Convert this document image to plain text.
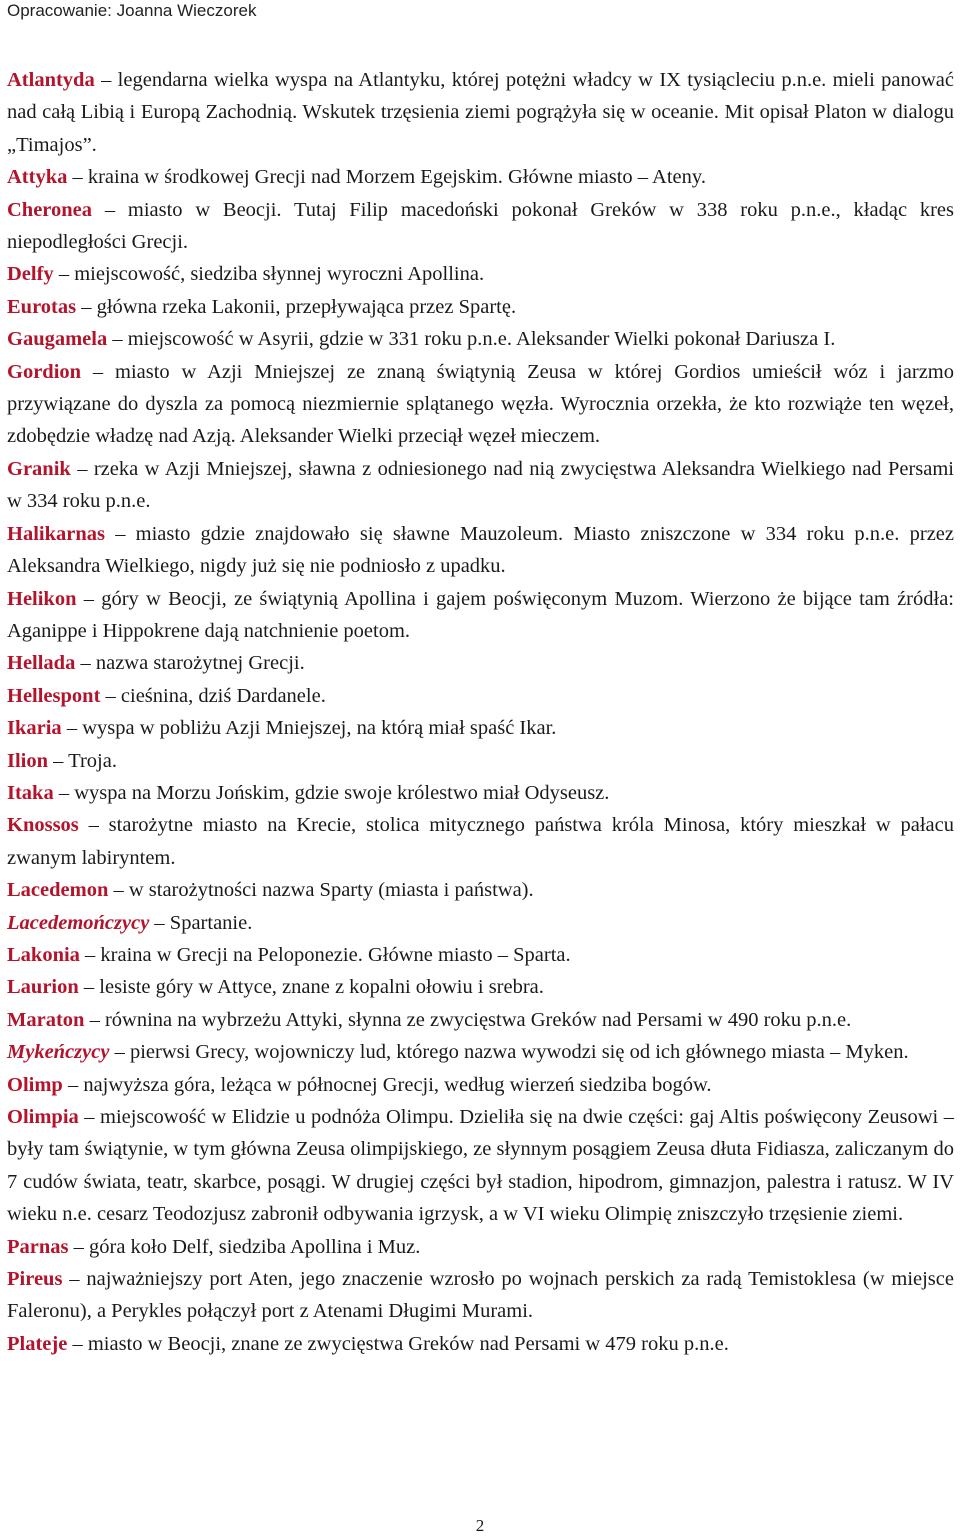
Opracowanie: Joanna Wieczorek

Atlantyda – legendarna wielka wyspa na Atlantyku, której potężni władcy w IX tysiącleciu p.n.e. mieli panować nad całą Libią i Europą Zachodnią. Wskutek trzęsienia ziemi pogrążyła się w oceanie. Mit opisał Platon w dialogu „Timajos”.

Attyka – kraina w środkowej Grecji nad Morzem Egejskim. Główne miasto – Ateny.

Cheronea – miasto w Beocji. Tutaj Filip macedoński pokonał Greków w 338 roku p.n.e., kładąc kres niepodległości Grecji.

Delfy – miejscowość, siedziba słynnej wyroczni Apollina.

Eurotas – główna rzeka Lakonii, przepływająca przez Spartę.

Gaugamela – miejscowość w Asyrii, gdzie w 331 roku p.n.e. Aleksander Wielki pokonał Dariusza I.

Gordion – miasto w Azji Mniejszej ze znaną świątynią Zeusa w której Gordios umieścił wóz i jarzmo przywiązane do dyszla za pomocą niezmiernie splątanego węzła. Wyrocznia orzekła, że kto rozwiąże ten węzeł, zdobędzie władzę nad Azją. Aleksander Wielki przeciął węzeł mieczem.

Granik – rzeka w Azji Mniejszej, sławna z odniesionego nad nią zwycięstwa Aleksandra Wielkiego nad Persami w 334 roku p.n.e.

Halikarnas – miasto gdzie znajdowało się sławne Mauzoleum. Miasto zniszczone w 334 roku p.n.e. przez Aleksandra Wielkiego, nigdy już się nie podniosło z upadku.

Helikon – góry w Beocji, ze świątynią Apollina i gajem poświęconym Muzom. Wierzono że bijące tam źródła: Aganippe i Hippokrene dają natchnienie poetom.

Hellada – nazwa starożytnej Grecji.

Hellespont – cieśnina, dziś Dardanele.

Ikaria – wyspa w pobliżu Azji Mniejszej, na którą miał spaść Ikar.

Ilion – Troja.

Itaka – wyspa na Morzu Jońskim, gdzie swoje królestwo miał Odyseusz.

Knossos – starożytne miasto na Krecie, stolica mitycznego państwa króla Minosa, który mieszkał w pałacu zwanym labiryntem.

Lacedemon – w starożytności nazwa Sparty (miasta i państwa).

Lacedemończycy – Spartanie.

Lakonia – kraina w Grecji na Peloponezie. Główne miasto – Sparta.

Laurion – lesiste góry w Attyce, znane z kopalni ołowiu i srebra.

Maraton – równina na wybrzeżu Attyki, słynna ze zwycięstwa Greków nad Persami w 490 roku p.n.e.

Mykeńczycy – pierwsi Grecy, wojowniczy lud, którego nazwa wywodzi się od ich głównego miasta – Myken.

Olimp – najwyższa góra, leżąca w północnej Grecji, według wierzeń siedziba bogów.

Olimpia – miejscowość w Elidzie u podnóża Olimpu. Dzieliła się na dwie części: gaj Altis poświęcony Zeusowi – były tam świątynie, w tym główna Zeusa olimpijskiego, ze słynnym posągiem Zeusa dłuta Fidiasza, zaliczanym do 7 cudów świata, teatr, skarbce, posągi. W drugiej części był stadion, hipodrom, gimnazjon, palestra i ratusz. W IV wieku n.e. cesarz Teodozjusz zabronił odbywania igrzysk, a w VI wieku Olimpię zniszczyło trzęsienie ziemi.

Parnas – góra koło Delf, siedziba Apollina i Muz.

Pireus – najważniejszy port Aten, jego znaczenie wzrosło po wojnach perskich za radą Temistoklesa (w miejsce Faleronu), a Perykles połączył port z Atenami Długimi Murami.

Plateje – miasto w Beocji, znane ze zwycięstwa Greków nad Persami w 479 roku p.n.e.

2
